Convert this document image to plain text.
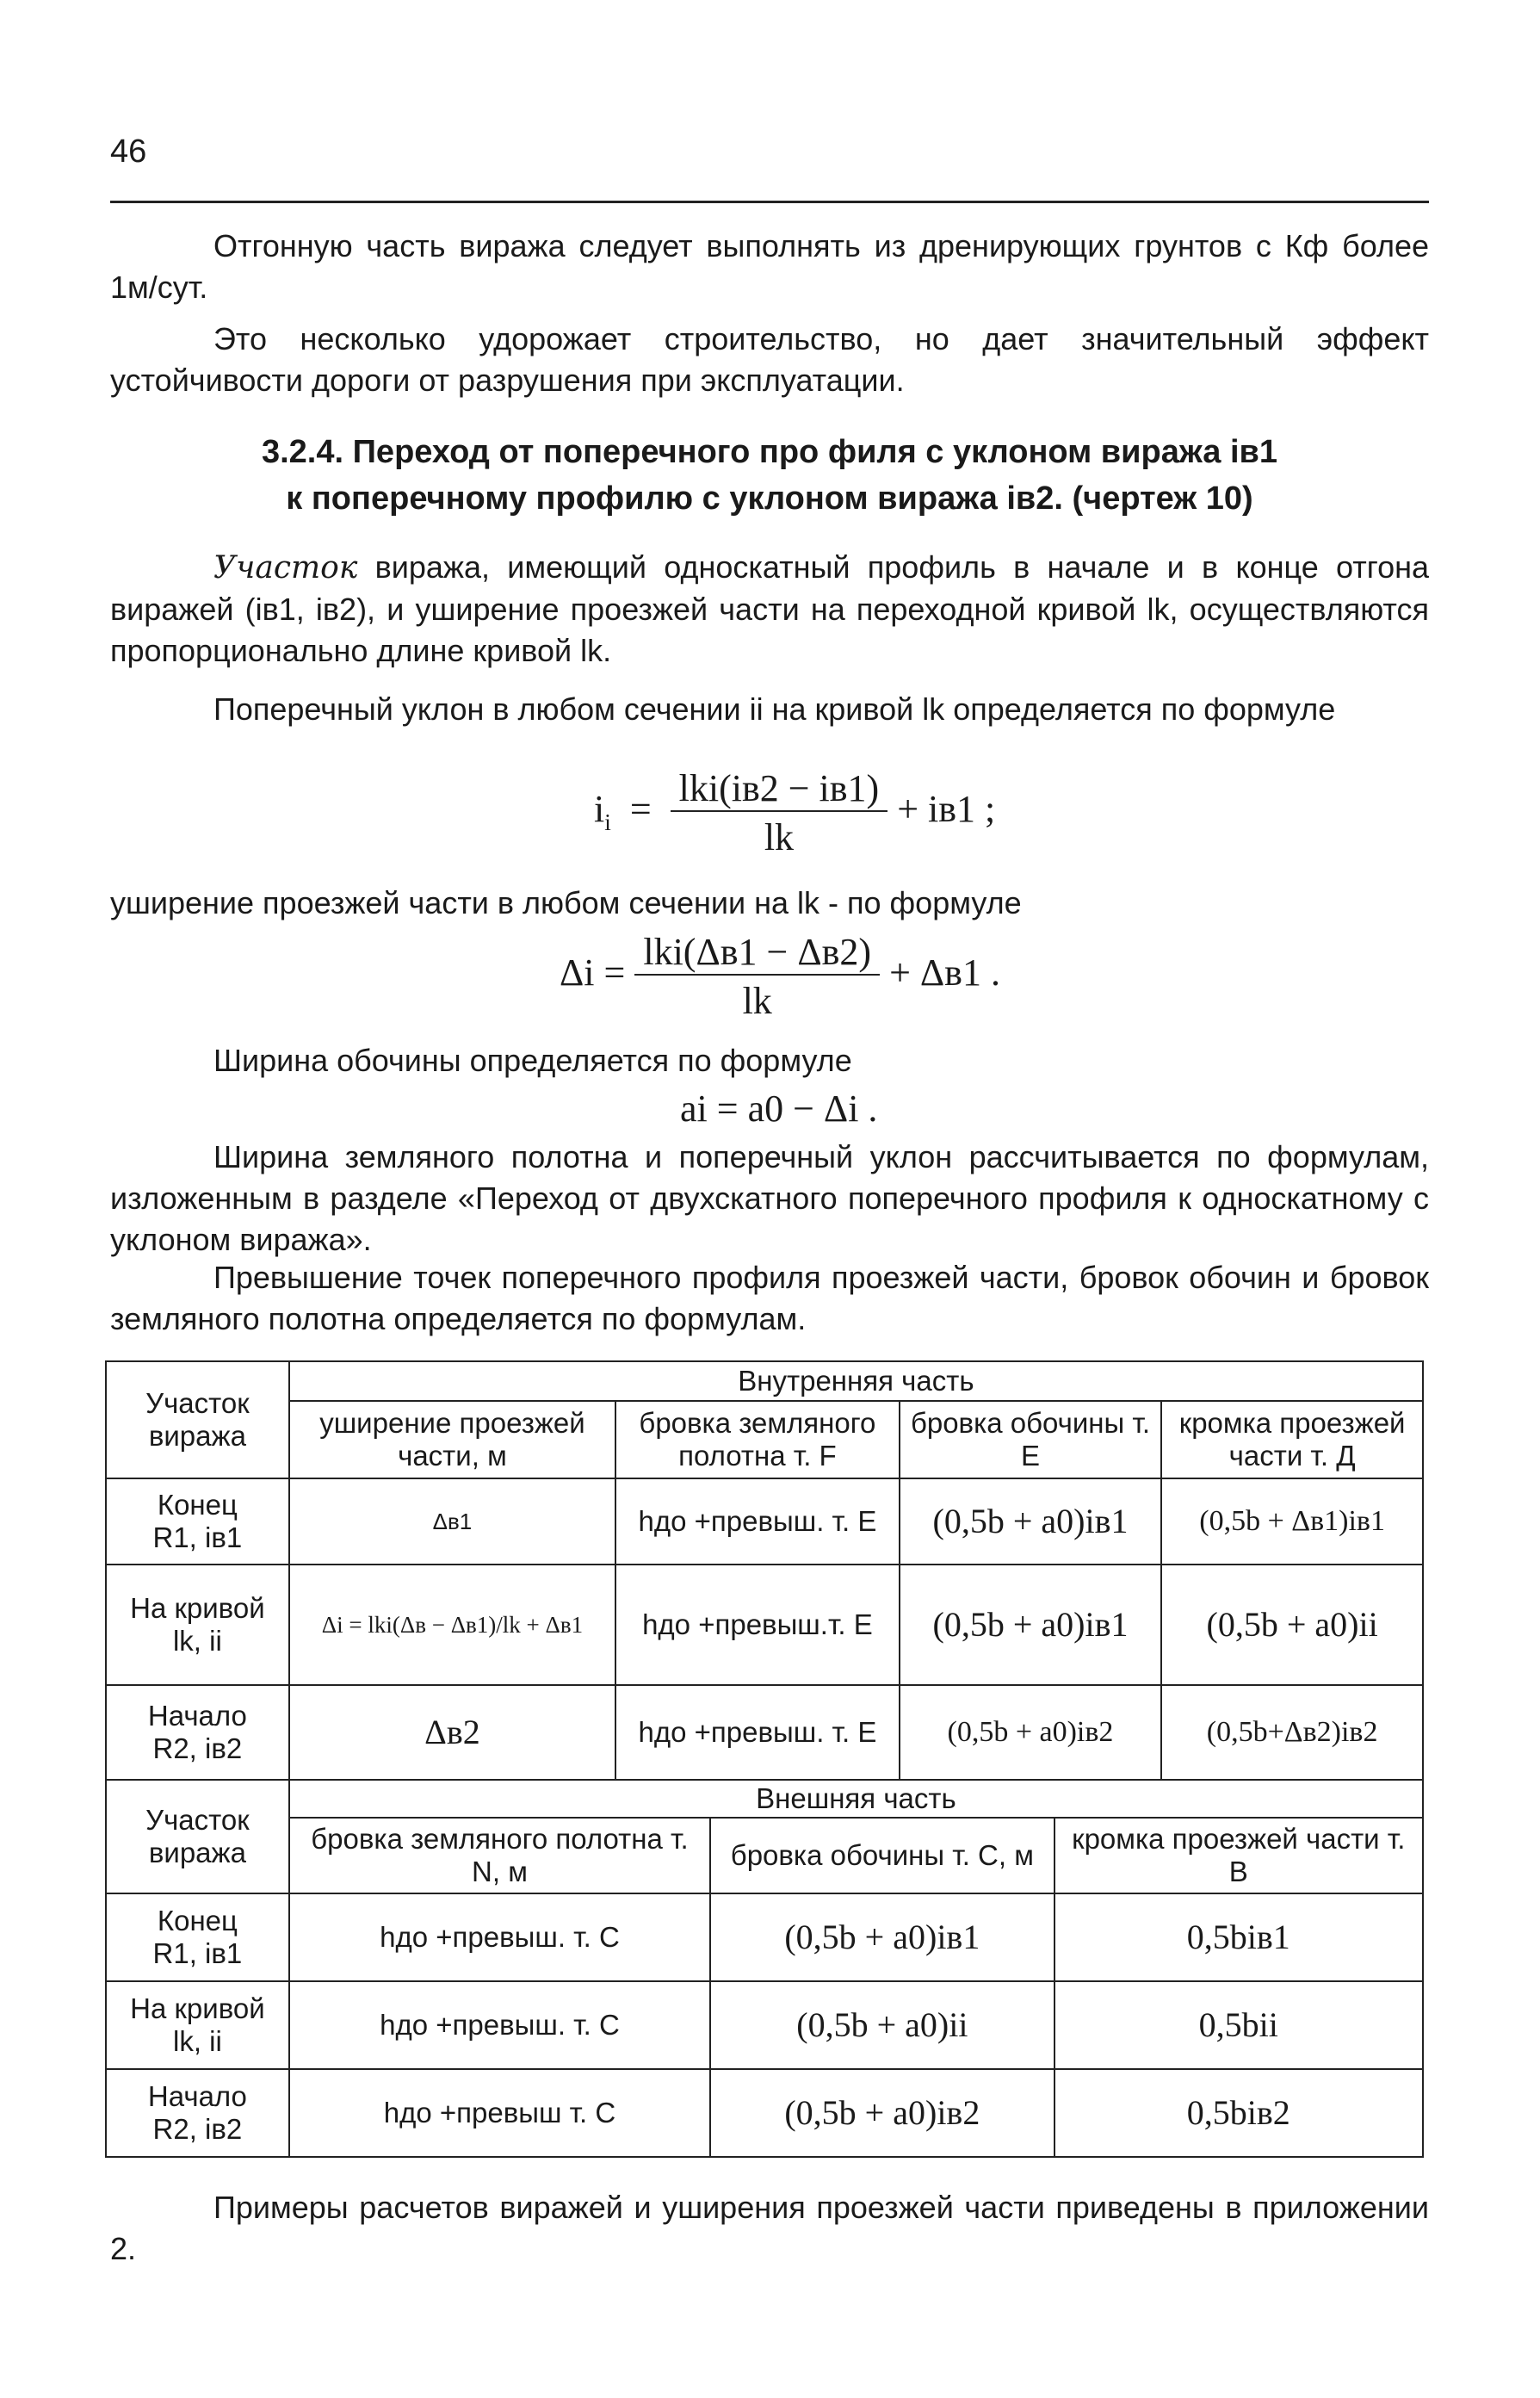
46
Отгонную часть виража следует выполнять из дренирующих грунтов с Кф более 1м/сут.
Это несколько удорожает строительство, но дает значительный эффект устойчивости дороги от разрушения при эксплуатации.
3.2.4. Переход от поперечного про филя с уклоном виража iв1
к поперечному профилю с уклоном виража iв2. (чертеж 10)
Участок виража, имеющий односкатный профиль в начале и в конце отгона виражей (iв1, iв2), и уширение проезжей части на переходной кривой lk, осуществляются пропорционально длине кривой lk.
Поперечный уклон в любом сечении ii на кривой lk определяется по формуле
$i_i = \frac{\text{lki(iв2 − iв1)}}{lk} + iв1$ ;
уширение проезжей части в любом сечении на lk - по формуле
$\Delta i = \frac{\text{lki(Δв1 − Δв2)}}{lk} + \Delta в1$ .
Ширина обочины определяется по формуле
ai = a0 − Δi .
Ширина земляного полотна и поперечный уклон рассчитывается по формулам, изложенным в разделе «Переход от двухскатного поперечного профиля к односкатному с уклоном виража».
Превышение точек поперечного профиля проезжей части, бровок обочин и бровок земляного полотна определяется по формулам.
Участок виража	Внутренняя часть			
	уширение проезжей части, м	бровка земляного полотна т. F	бровка обочины т. E	кромка проезжей части т. Д

Конец
R1, iв1	Δв1	hдо +превыш. т. E	(0,5b + a0)iв1	(0,5b + Δв1)iв1

На кривой
lk, ii	Δi = lki(Δв − Δв1)/lk + Δв1	hдо +превыш.т. E	(0,5b + a0)iв1	(0,5b + a0)ii

Начало
R2, iв2	Δв2	hдо +превыш. т. E	(0,5b + a0)iв2	(0,5b+Δв2)iв2
Участок виража	Внешняя часть		
	бровка земляного полотна т. N, м	бровка обочины т. С, м	кромка проезжей части т. В

Конец
R1, iв1	hдо +превыш. т. С	(0,5b + a0)iв1	0,5biв1

На кривой
lk, ii	hдо +превыш. т. С	(0,5b + a0)ii	0,5bii

Начало
R2, iв2	hдо +превыш т. С	(0,5b + a0)iв2	0,5biв2
Примеры расчетов виражей и уширения проезжей части приведены в приложении 2.
